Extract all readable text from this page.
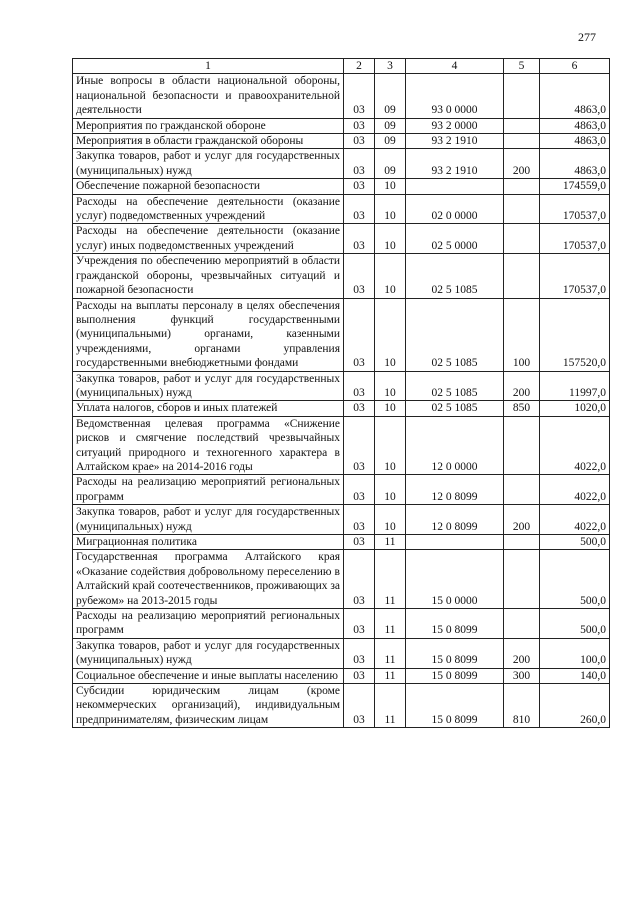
277
1	2	3	4	5	6
Иные вопросы в области национальной обороны, национальной безопасности и правоохранительной деятельности	03	09	93 0 0000		4863,0
Мероприятия по гражданской обороне	03	09	93 2 0000		4863,0
Мероприятия в области гражданской обороны	03	09	93 2 1910		4863,0
Закупка товаров, работ и услуг для государственных (муниципальных) нужд	03	09	93 2 1910	200	4863,0
Обеспечение пожарной безопасности	03	10			174559,0
Расходы на обеспечение деятельности (оказание услуг) подведомственных учреждений	03	10	02 0 0000		170537,0
Расходы на обеспечение деятельности (оказание услуг) иных подведомственных учреждений	03	10	02 5 0000		170537,0
Учреждения по обеспечению мероприятий в области гражданской обороны, чрезвычайных ситуаций и пожарной безопасности	03	10	02 5 1085		170537,0
Расходы на выплаты персоналу в целях обеспечения выполнения функций государственными (муниципальными) органами, казенными учреждениями, органами управления государственными внебюджетными фондами	03	10	02 5 1085	100	157520,0
Закупка товаров, работ и услуг для государственных (муниципальных) нужд	03	10	02 5 1085	200	11997,0
Уплата налогов, сборов и иных платежей	03	10	02 5 1085	850	1020,0
Ведомственная целевая программа «Снижение рисков и смягчение последствий чрезвычайных ситуаций природного и техногенного характера в Алтайском крае» на 2014-2016 годы	03	10	12 0 0000		4022,0
Расходы на реализацию мероприятий региональных программ	03	10	12 0 8099		4022,0
Закупка товаров, работ и услуг для государственных (муниципальных) нужд	03	10	12 0 8099	200	4022,0
Миграционная политика	03	11			500,0
Государственная программа Алтайского края «Оказание содействия добровольному переселению в Алтайский край соотечественников, проживающих за рубежом» на 2013-2015 годы	03	11	15 0 0000		500,0
Расходы на реализацию мероприятий региональных программ	03	11	15 0 8099		500,0
Закупка товаров, работ и услуг для государственных (муниципальных) нужд	03	11	15 0 8099	200	100,0
Социальное обеспечение и иные выплаты населению	03	11	15 0 8099	300	140,0
Субсидии юридическим лицам (кроме некоммерческих организаций), индивидуальным предпринимателям, физическим лицам	03	11	15 0 8099	810	260,0
